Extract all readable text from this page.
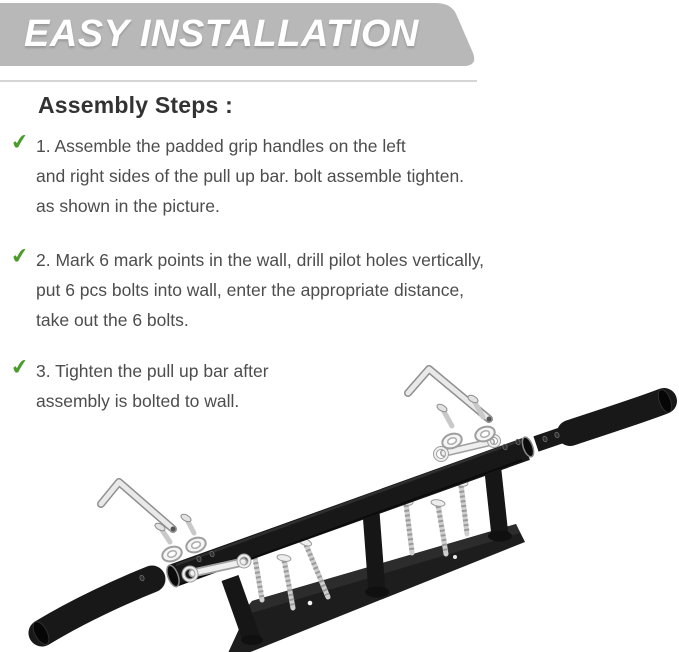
EASY INSTALLATION
Assembly Steps :
✔ 1. Assemble the padded grip handles on the left
and right sides of the pull up bar. bolt assemble tighten.
as shown in the picture.
✔ 2. Mark 6 mark points in the wall, drill pilot holes vertically,
put 6 pcs bolts into wall, enter the appropriate distance,
take out the 6 bolts.
✔ 3. Tighten the pull up bar after
assembly is bolted to wall.
